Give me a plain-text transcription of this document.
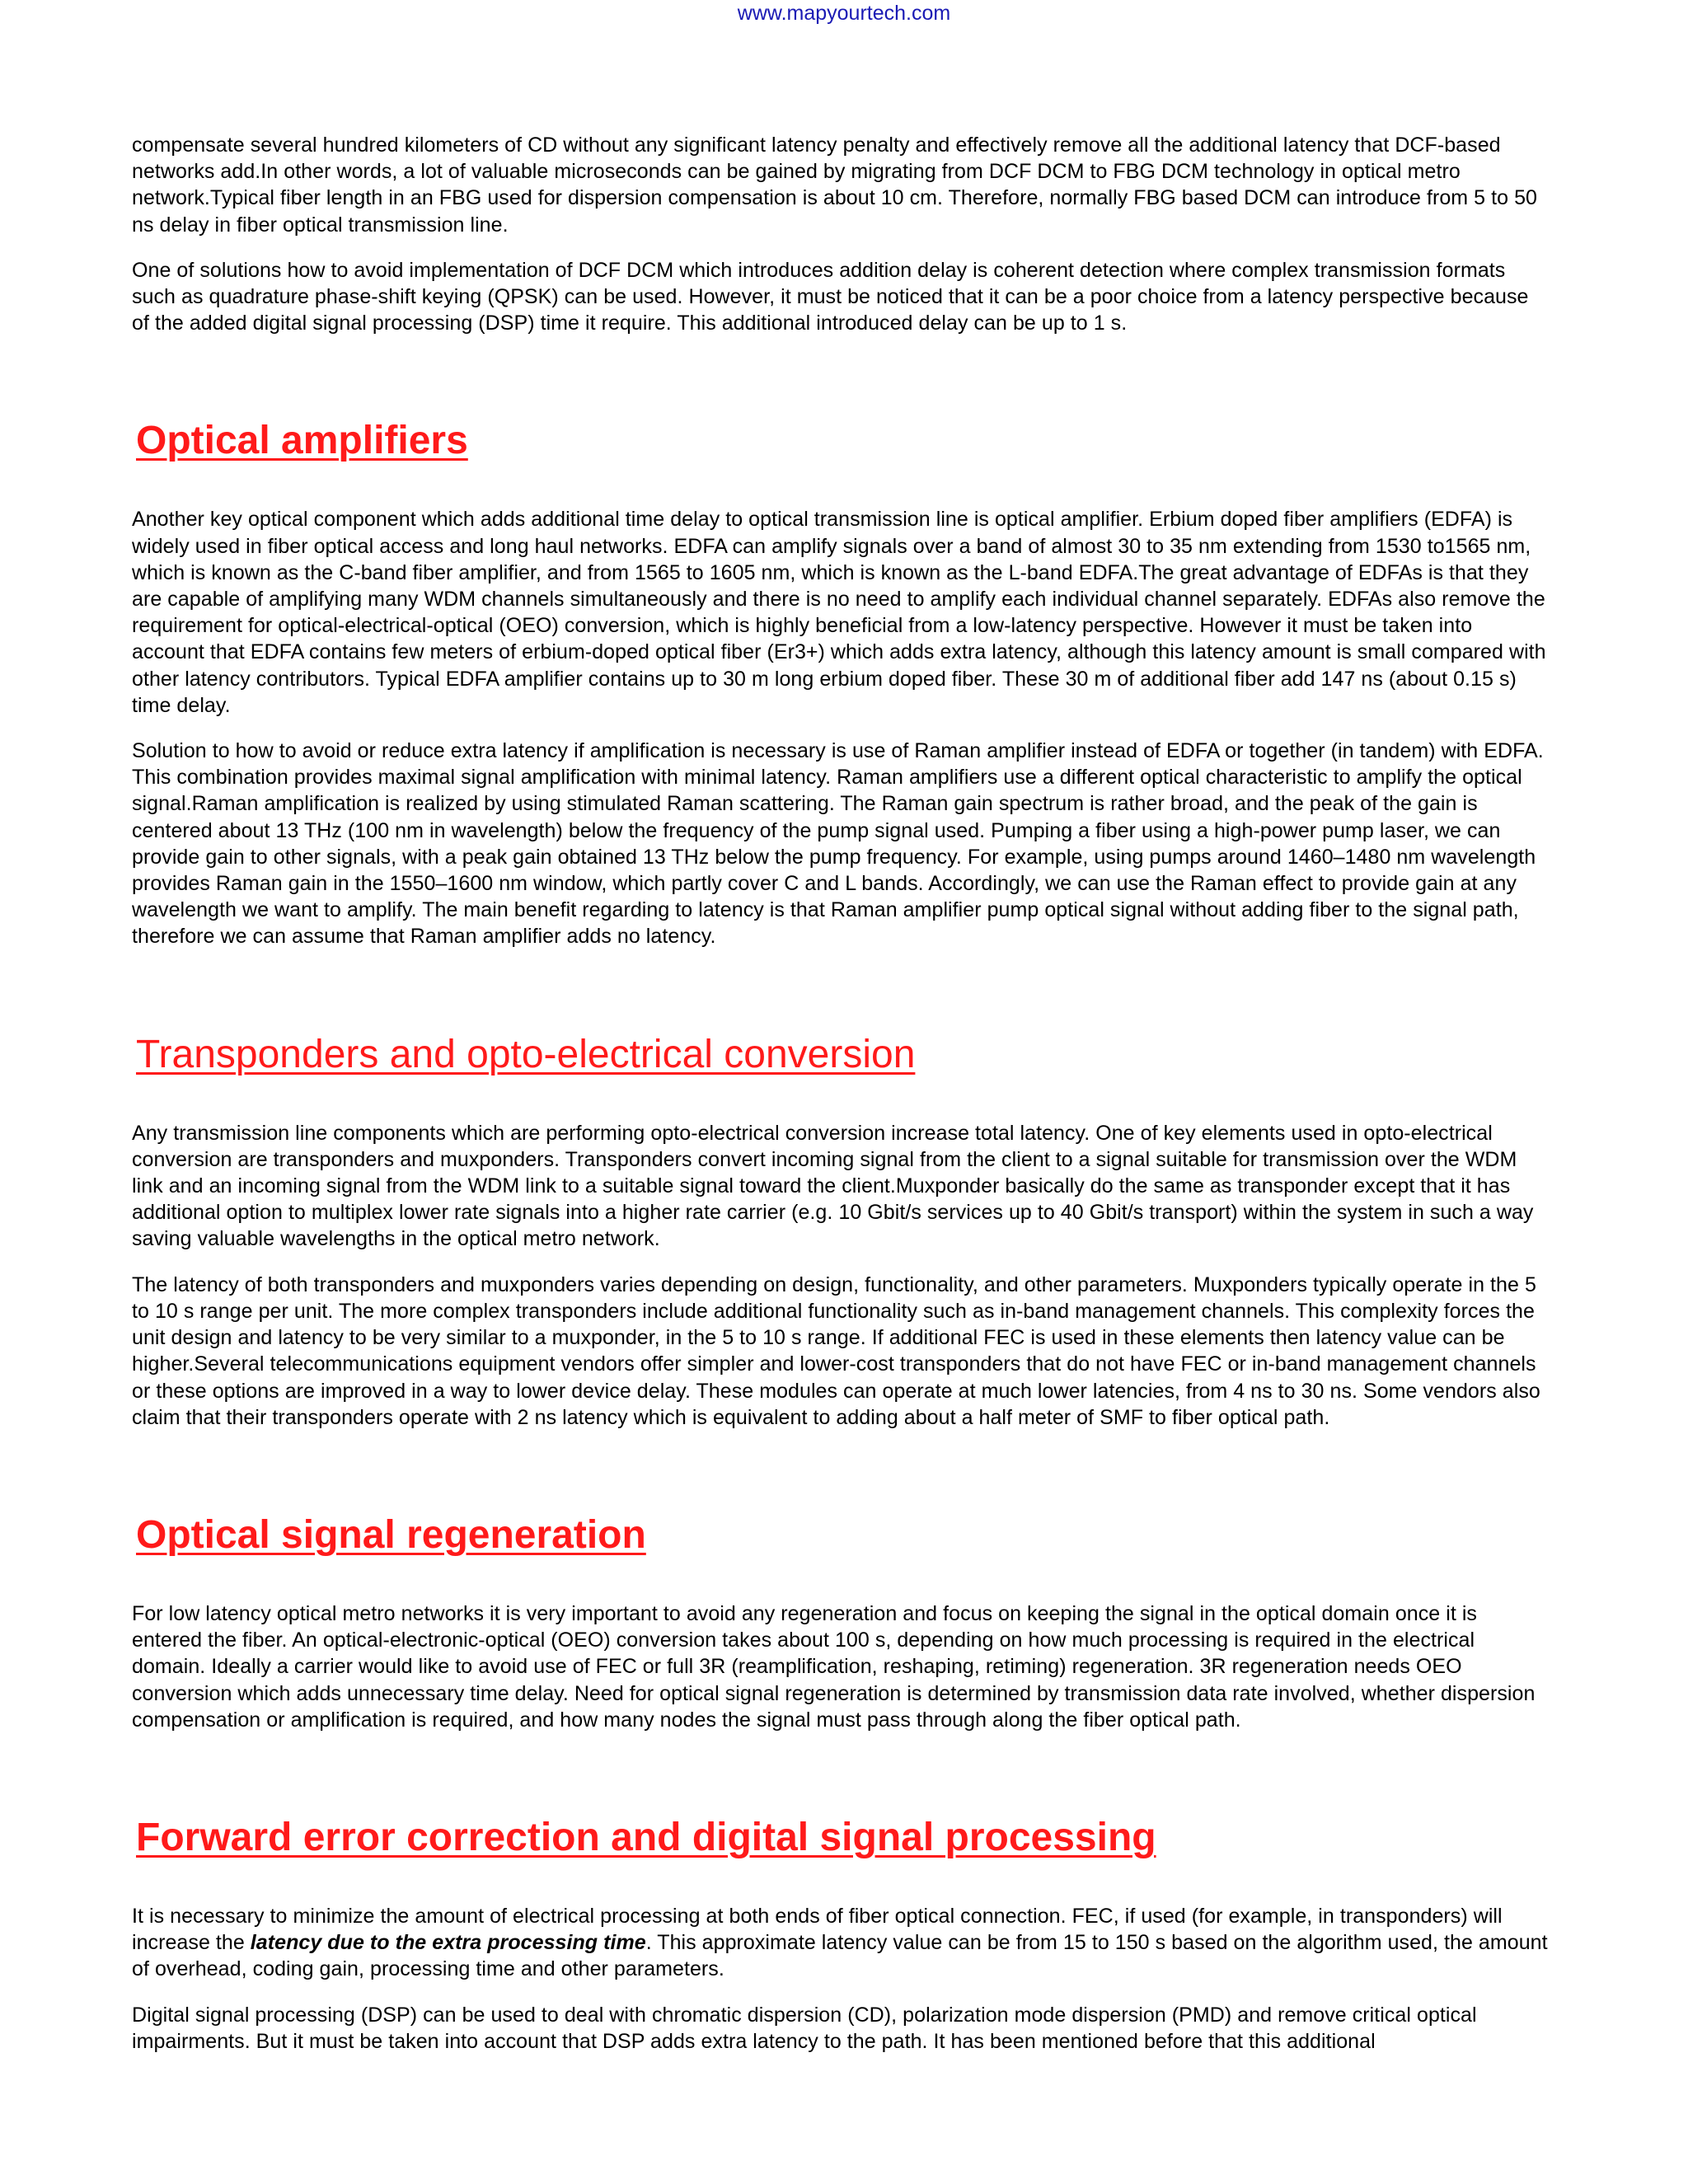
www.mapyourtech.com

compensate several hundred kilometers of CD without any significant latency penalty and effectively remove all the additional latency that DCF-based networks add.In other words, a lot of valuable microseconds can be gained by migrating from DCF DCM to FBG DCM technology in optical metro network.Typical fiber length in an FBG used for dispersion compensation is about 10 cm. Therefore, normally FBG based DCM can introduce from 5 to 50 ns delay in fiber optical transmission line.

One of solutions how to avoid implementation of DCF DCM which introduces addition delay is coherent detection where complex transmission formats such as quadrature phase-shift keying (QPSK) can be used. However, it must be noticed that it can be a poor choice from a latency perspective because of the added digital signal processing (DSP) time it require. This additional introduced delay can be up to 1 s.

Optical amplifiers

Another key optical component which adds additional time delay to optical transmission line is optical amplifier. Erbium doped fiber amplifiers (EDFA) is widely used in fiber optical access and long haul networks. EDFA can amplify signals over a band of almost 30 to 35 nm extending from 1530 to1565 nm, which is known as the C-band fiber amplifier, and from 1565 to 1605 nm, which is known as the L-band EDFA.The great advantage of EDFAs is that they are capable of amplifying many WDM channels simultaneously and there is no need to amplify each individual channel separately. EDFAs also remove the requirement for optical-electrical-optical (OEO) conversion, which is highly beneficial from a low-latency perspective. However it must be taken into account that EDFA contains few meters of erbium-doped optical fiber (Er3+) which adds extra latency, although this latency amount is small compared with other latency contributors. Typical EDFA amplifier contains up to 30 m long erbium doped fiber. These 30 m of additional fiber add 147 ns (about 0.15 s) time delay.

Solution to how to avoid or reduce extra latency if amplification is necessary is use of Raman amplifier instead of EDFA or together (in tandem) with EDFA. This combination provides maximal signal amplification with minimal latency. Raman amplifiers use a different optical characteristic to amplify the optical signal.Raman amplification is realized by using stimulated Raman scattering. The Raman gain spectrum is rather broad, and the peak of the gain is centered about 13 THz (100 nm in wavelength) below the frequency of the pump signal used. Pumping a fiber using a high-power pump laser, we can provide gain to other signals, with a peak gain obtained 13 THz below the pump frequency. For example, using pumps around 1460–1480 nm wavelength provides Raman gain in the 1550–1600 nm window, which partly cover C and L bands. Accordingly, we can use the Raman effect to provide gain at any wavelength we want to amplify. The main benefit regarding to latency is that Raman amplifier pump optical signal without adding fiber to the signal path, therefore we can assume that Raman amplifier adds no latency.

Transponders and opto-electrical conversion

Any transmission line components which are performing opto-electrical conversion increase total latency. One of key elements used in opto-electrical conversion are transponders and muxponders. Transponders convert incoming signal from the client to a signal suitable for transmission over the WDM link and an incoming signal from the WDM link to a suitable signal toward the client.Muxponder basically do the same as transponder except that it has additional option to multiplex lower rate signals into a higher rate carrier (e.g. 10 Gbit/s services up to 40 Gbit/s transport) within the system in such a way saving valuable wavelengths in the optical metro network.

The latency of both transponders and muxponders varies depending on design, functionality, and other parameters. Muxponders typically operate in the 5 to 10 s range per unit. The more complex transponders include additional functionality such as in-band management channels. This complexity forces the unit design and latency to be very similar to a muxponder, in the 5 to 10 s range. If additional FEC is used in these elements then latency value can be higher.Several telecommunications equipment vendors offer simpler and lower-cost transponders that do not have FEC or in-band management channels or these options are improved in a way to lower device delay. These modules can operate at much lower latencies, from 4 ns to 30 ns. Some vendors also claim that their transponders operate with 2 ns latency which is equivalent to adding about a half meter of SMF to fiber optical path.

Optical signal regeneration

For low latency optical metro networks it is very important to avoid any regeneration and focus on keeping the signal in the optical domain once it is entered the fiber. An optical-electronic-optical (OEO) conversion takes about 100 s, depending on how much processing is required in the electrical domain. Ideally a carrier would like to avoid use of FEC or full 3R (reamplification, reshaping, retiming) regeneration. 3R regeneration needs OEO conversion which adds unnecessary time delay. Need for optical signal regeneration is determined by transmission data rate involved, whether dispersion compensation or amplification is required, and how many nodes the signal must pass through along the fiber optical path.

Forward error correction and digital signal processing

It is necessary to minimize the amount of electrical processing at both ends of fiber optical connection. FEC, if used (for example, in transponders) will increase the latency due to the extra processing time. This approximate latency value can be from 15 to 150 s based on the algorithm used, the amount of overhead, coding gain, processing time and other parameters.

Digital signal processing (DSP) can be used to deal with chromatic dispersion (CD), polarization mode dispersion (PMD) and remove critical optical impairments. But it must be taken into account that DSP adds extra latency to the path. It has been mentioned before that this additional
